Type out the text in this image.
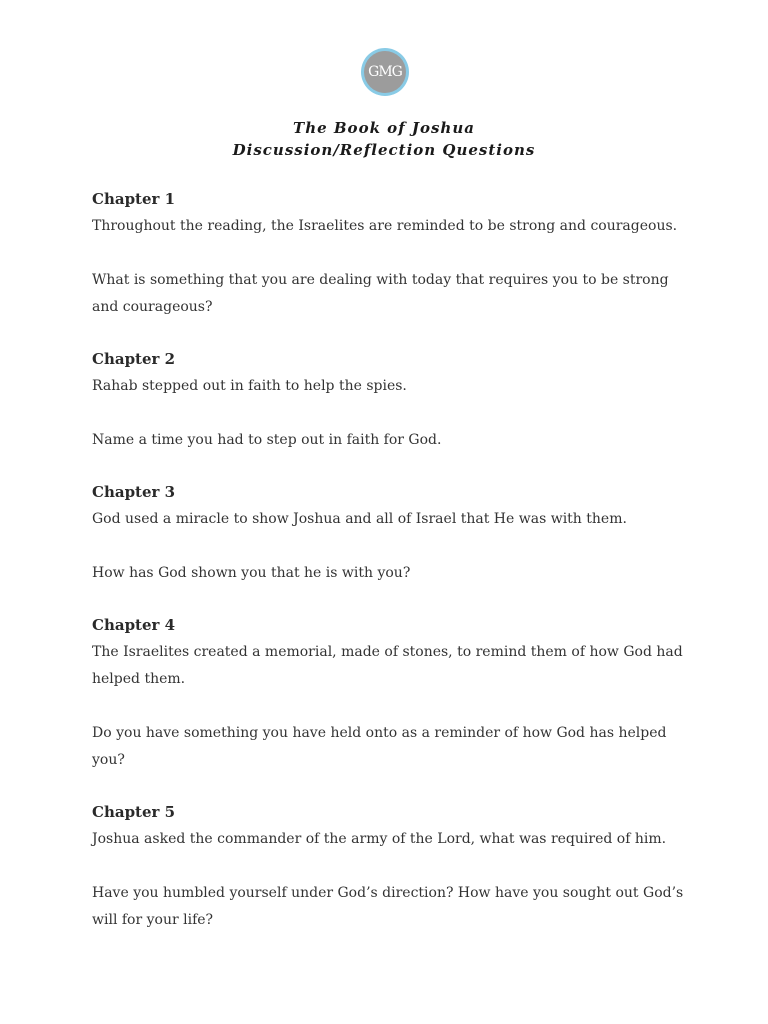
GMG
The Book of Joshua
Discussion/Reflection Questions
Chapter 1

Throughout the reading, the Israelites are reminded to be strong and courageous.

What is something that you are dealing with today that requires you to be strong and courageous?

Chapter 2

Rahab stepped out in faith to help the spies.

Name a time you had to step out in faith for God.

Chapter 3

God used a miracle to show Joshua and all of Israel that He was with them.

How has God shown you that he is with you?

Chapter 4

The Israelites created a memorial, made of stones, to remind them of how God had helped them.

Do you have something you have held onto as a reminder of how God has helped you?

Chapter 5

Joshua asked the commander of the army of the Lord, what was required of him.

Have you humbled yourself under God’s direction? How have you sought out God’s will for your life?
